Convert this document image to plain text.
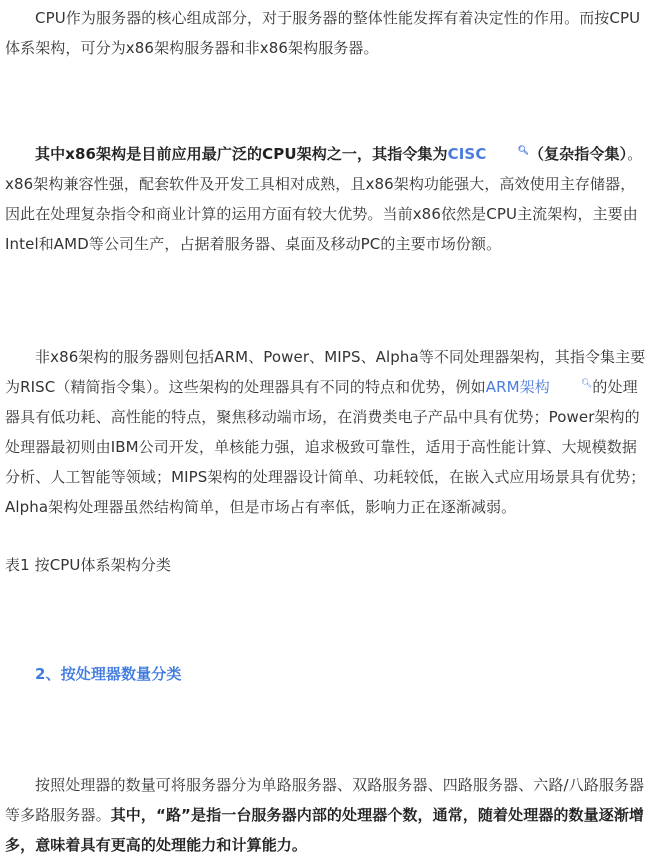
CPU作为服务器的核心组成部分，对于服务器的整体性能发挥有着决定性的作用。而按CPU体系架构，可分为x86架构服务器和非x86架构服务器。

其中x86架构是目前应用最广泛的CPU架构之一，其指令集为CISC	🔍︎（复杂指令集）。x86架构兼容性强，配套软件及开发工具相对成熟，且x86架构功能强大，高效使用主存储器，因此在处理复杂指令和商业计算的运用方面有较大优势。当前x86依然是CPU主流架构，主要由Intel和AMD等公司生产，占据着服务器、桌面及移动PC的主要市场份额。

非x86架构的服务器则包括ARM、Power、MIPS、Alpha等不同处理器架构，其指令集主要为RISC（精简指令集）。这些架构的处理器具有不同的特点和优势，例如ARM架构	🔍︎的处理器具有低功耗、高性能的特点，聚焦移动端市场，在消费类电子产品中具有优势；Power架构的处理器最初则由IBM公司开发，单核能力强，追求极致可靠性，适用于高性能计算、大规模数据分析、人工智能等领域；MIPS架构的处理器设计简单、功耗较低，在嵌入式应用场景具有优势；Alpha架构处理器虽然结构简单，但是市场占有率低，影响力正在逐渐减弱。

表1 按CPU体系架构分类

2、按处理器数量分类

按照处理器的数量可将服务器分为单路服务器、双路服务器、四路服务器、六路/八路服务器等多路服务器。其中，“路”是指一台服务器内部的处理器个数，通常，随着处理器的数量逐渐增多，意味着具有更高的处理能力和计算能力。
